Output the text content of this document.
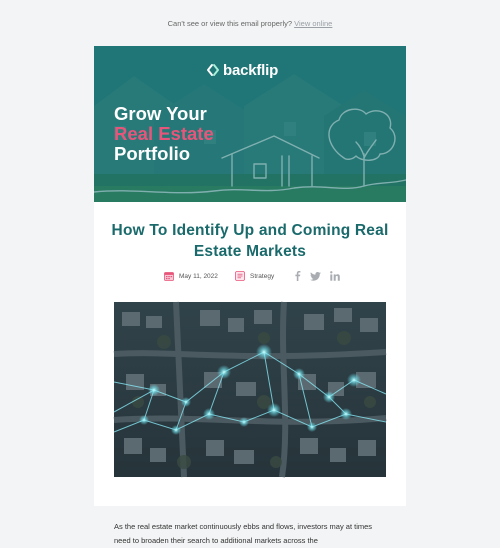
Can't see or view this email properly? View online
backflip
Grow Your
Real Estate
Portfolio
How To Identify Up and Coming Real Estate Markets
May 11, 2022	Strategy

As the real estate market continuously ebbs and flows, investors may at times need to broaden their search to additional markets across the
